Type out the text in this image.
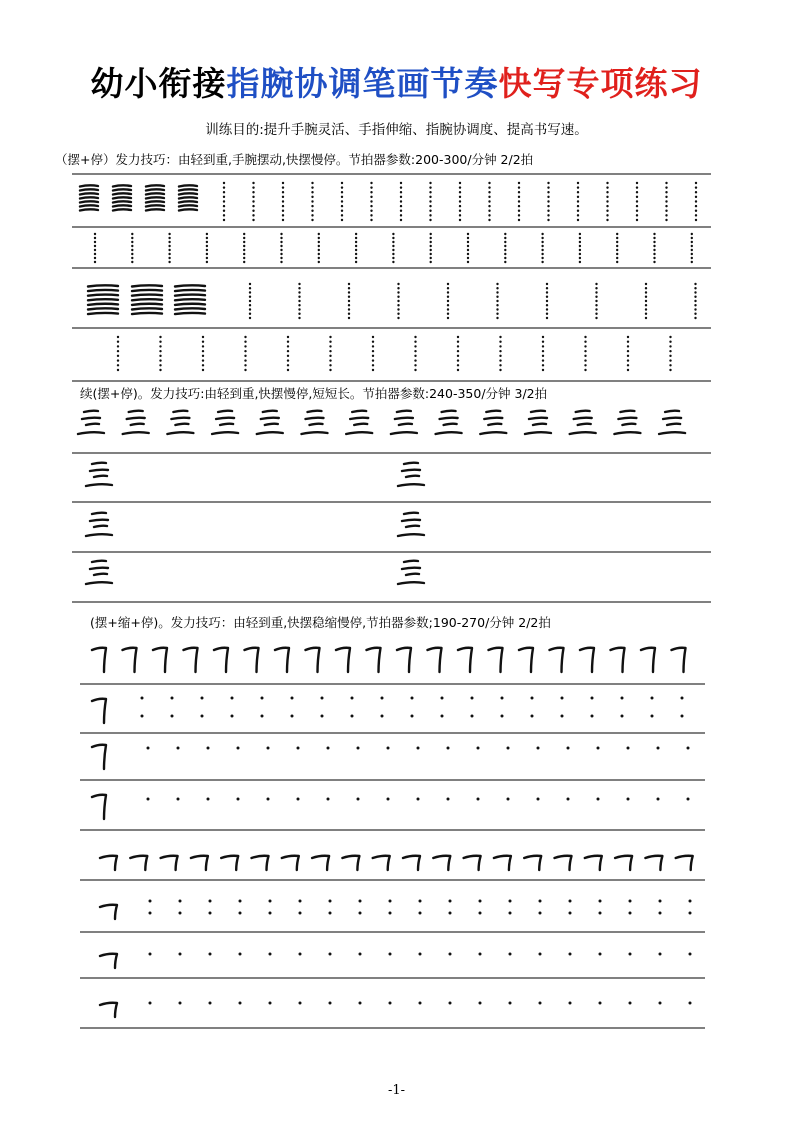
幼小衔接指腕协调笔画节奏快写专项练习
训练目的:提升手腕灵活、手指伸缩、指腕协调度、提高书写速。
（摆+停）发力技巧：由轻到重,手腕摆动,快摆慢停。节拍器参数:200-300/分钟 2/2拍
续(摆+停)。发力技巧:由轻到重,快摆慢停,短短长。节拍器参数:240-350/分钟 3/2拍
(摆+缩+停)。发力技巧：由轻到重,快摆稳缩慢停,节拍器参数;190-270/分钟 2/2拍
-1-
